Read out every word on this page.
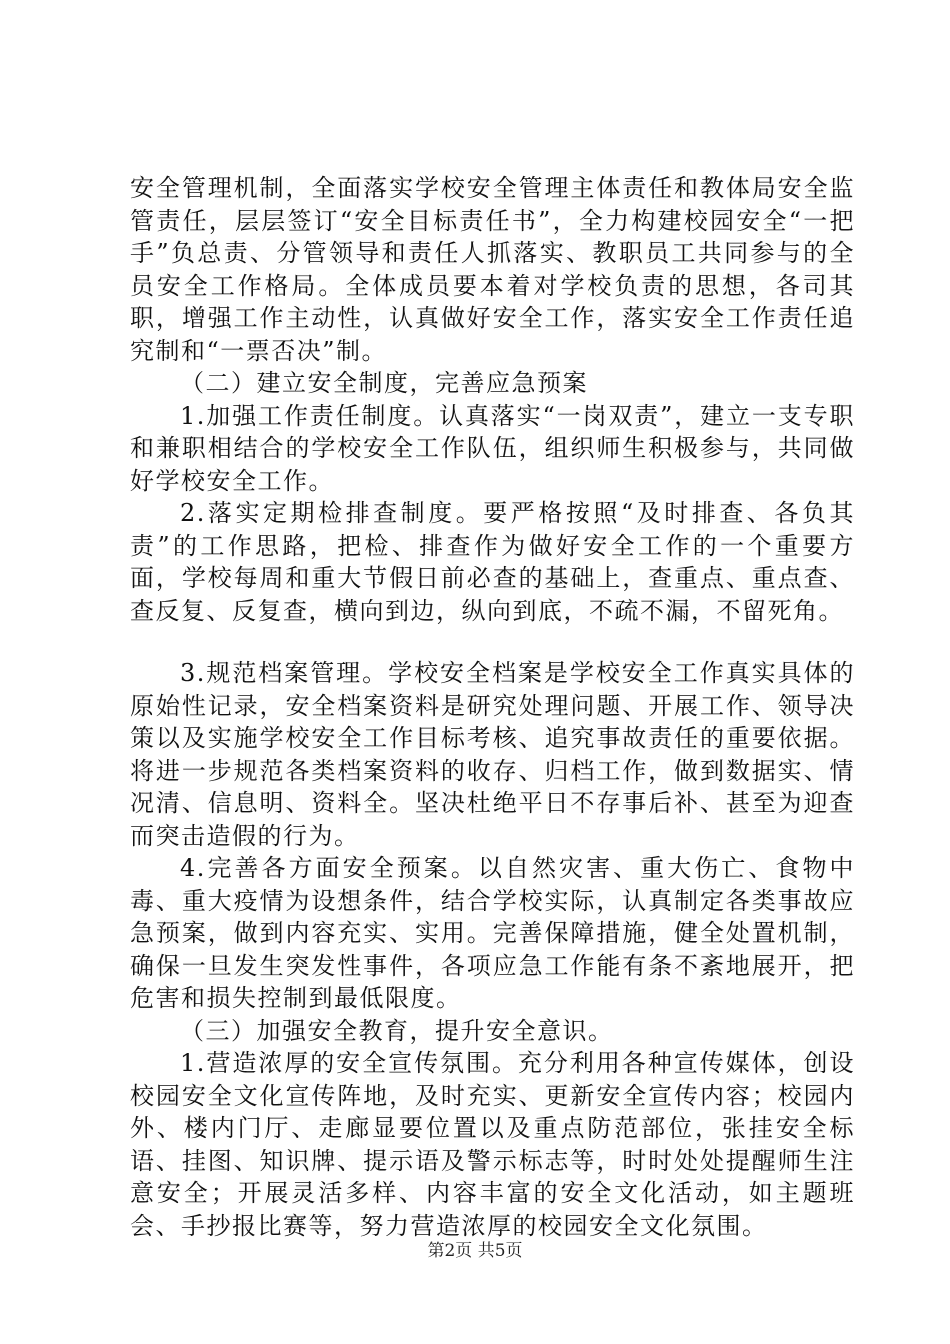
安全管理机制，全面落实学校安全管理主体责任和教体局安全监管责任，层层签订“安全目标责任书”，全力构建校园安全“一把手”负总责、分管领导和责任人抓落实、教职员工共同参与的全员安全工作格局。全体成员要本着对学校负责的思想，各司其职，增强工作主动性，认真做好安全工作，落实安全工作责任追究制和“一票否决”制。

（二）建立安全制度，完善应急预案

1.加强工作责任制度。认真落实“一岗双责”，建立一支专职和兼职相结合的学校安全工作队伍，组织师生积极参与，共同做好学校安全工作。

2.落实定期检排查制度。要严格按照“及时排查、各负其责”的工作思路，把检、排查作为做好安全工作的一个重要方面，学校每周和重大节假日前必查的基础上，查重点、重点查、查反复、反复查，横向到边，纵向到底，不疏不漏，不留死角。

3.规范档案管理。学校安全档案是学校安全工作真实具体的原始性记录，安全档案资料是研究处理问题、开展工作、领导决策以及实施学校安全工作目标考核、追究事故责任的重要依据。将进一步规范各类档案资料的收存、归档工作，做到数据实、情况清、信息明、资料全。坚决杜绝平日不存事后补、甚至为迎查而突击造假的行为。

4.完善各方面安全预案。以自然灾害、重大伤亡、食物中毒、重大疫情为设想条件，结合学校实际，认真制定各类事故应急预案，做到内容充实、实用。完善保障措施，健全处置机制，确保一旦发生突发性事件，各项应急工作能有条不紊地展开，把危害和损失控制到最低限度。

（三）加强安全教育，提升安全意识。

1.营造浓厚的安全宣传氛围。充分利用各种宣传媒体，创设校园安全文化宣传阵地，及时充实、更新安全宣传内容；校园内外、楼内门厅、走廊显要位置以及重点防范部位，张挂安全标语、挂图、知识牌、提示语及警示标志等，时时处处提醒师生注意安全；开展灵活多样、内容丰富的安全文化活动，如主题班会、手抄报比赛等，努力营造浓厚的校园安全文化氛围。

第2页 共5页
